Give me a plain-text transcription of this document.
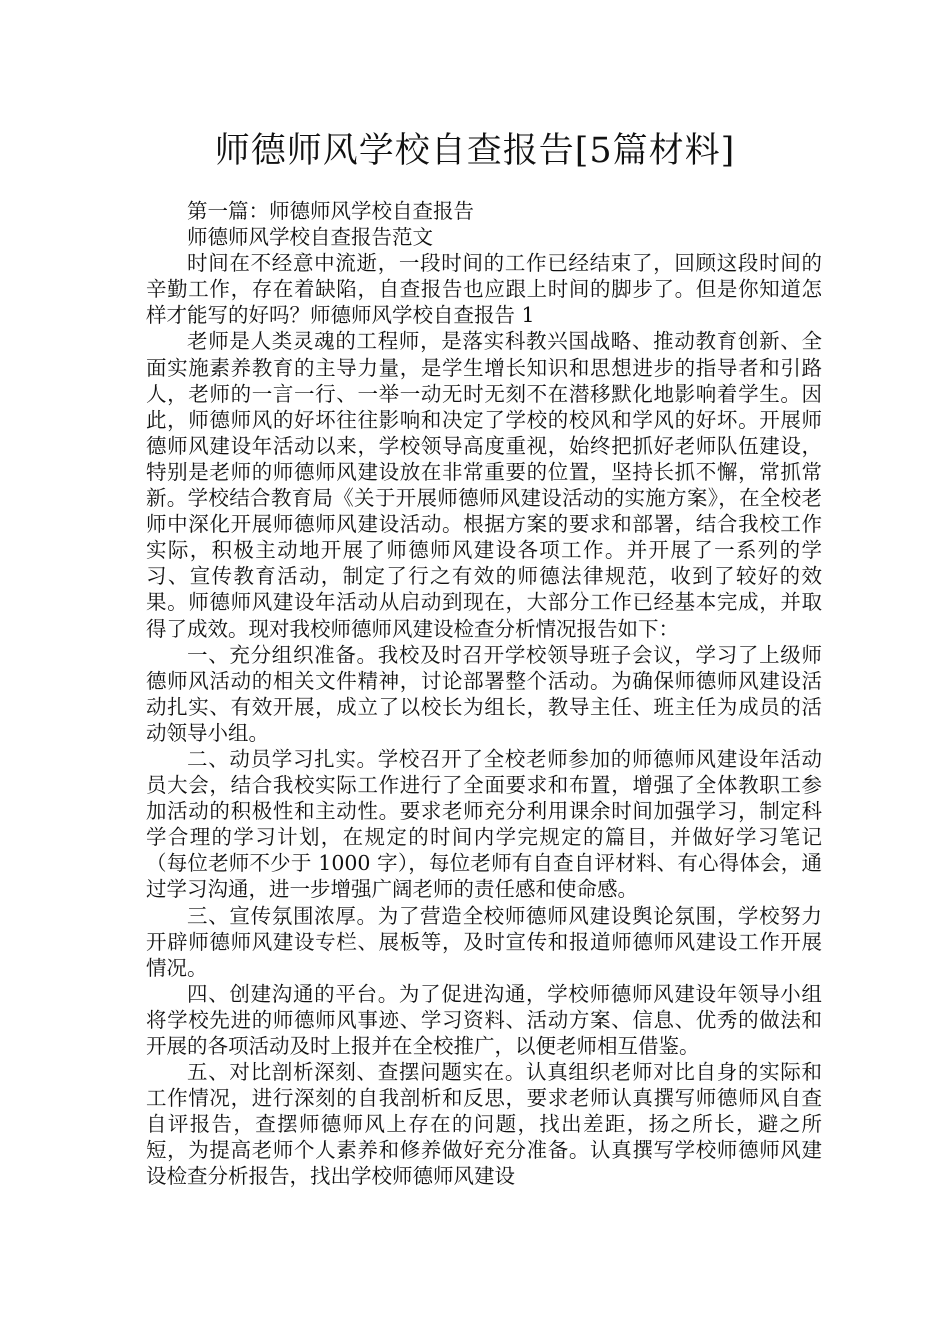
师德师风学校自查报告[5篇材料]

第一篇：师德师风学校自查报告

师德师风学校自查报告范文

时间在不经意中流逝，一段时间的工作已经结束了，回顾这段时间的辛勤工作，存在着缺陷，自查报告也应跟上时间的脚步了。但是你知道怎样才能写的好吗？师德师风学校自查报告 1

老师是人类灵魂的工程师，是落实科教兴国战略、推动教育创新、全面实施素养教育的主导力量，是学生增长知识和思想进步的指导者和引路人，老师的一言一行、一举一动无时无刻不在潜移默化地影响着学生。因此，师德师风的好坏往往影响和决定了学校的校风和学风的好坏。开展师德师风建设年活动以来，学校领导高度重视，始终把抓好老师队伍建设，特别是老师的师德师风建设放在非常重要的位置，坚持长抓不懈，常抓常新。学校结合教育局《关于开展师德师风建设活动的实施方案》，在全校老师中深化开展师德师风建设活动。根据方案的要求和部署，结合我校工作实际，积极主动地开展了师德师风建设各项工作。并开展了一系列的学习、宣传教育活动，制定了行之有效的师德法律规范，收到了较好的效果。师德师风建设年活动从启动到现在，大部分工作已经基本完成，并取得了成效。现对我校师德师风建设检查分析情况报告如下：

一、充分组织准备。我校及时召开学校领导班子会议，学习了上级师德师风活动的相关文件精神，讨论部署整个活动。为确保师德师风建设活动扎实、有效开展，成立了以校长为组长，教导主任、班主任为成员的活动领导小组。

二、动员学习扎实。学校召开了全校老师参加的师德师风建设年活动员大会，结合我校实际工作进行了全面要求和布置，增强了全体教职工参加活动的积极性和主动性。要求老师充分利用课余时间加强学习，制定科学合理的学习计划，在规定的时间内学完规定的篇目，并做好学习笔记（每位老师不少于 1000 字），每位老师有自查自评材料、有心得体会，通过学习沟通，进一步增强广阔老师的责任感和使命感。

三、宣传氛围浓厚。为了营造全校师德师风建设舆论氛围，学校努力开辟师德师风建设专栏、展板等，及时宣传和报道师德师风建设工作开展情况。

四、创建沟通的平台。为了促进沟通，学校师德师风建设年领导小组将学校先进的师德师风事迹、学习资料、活动方案、信息、优秀的做法和开展的各项活动及时上报并在全校推广，以便老师相互借鉴。

五、对比剖析深刻、查摆问题实在。认真组织老师对比自身的实际和工作情况，进行深刻的自我剖析和反思，要求老师认真撰写师德师风自查自评报告，查摆师德师风上存在的问题，找出差距，扬之所长，避之所短，为提高老师个人素养和修养做好充分准备。认真撰写学校师德师风建设检查分析报告，找出学校师德师风建设
